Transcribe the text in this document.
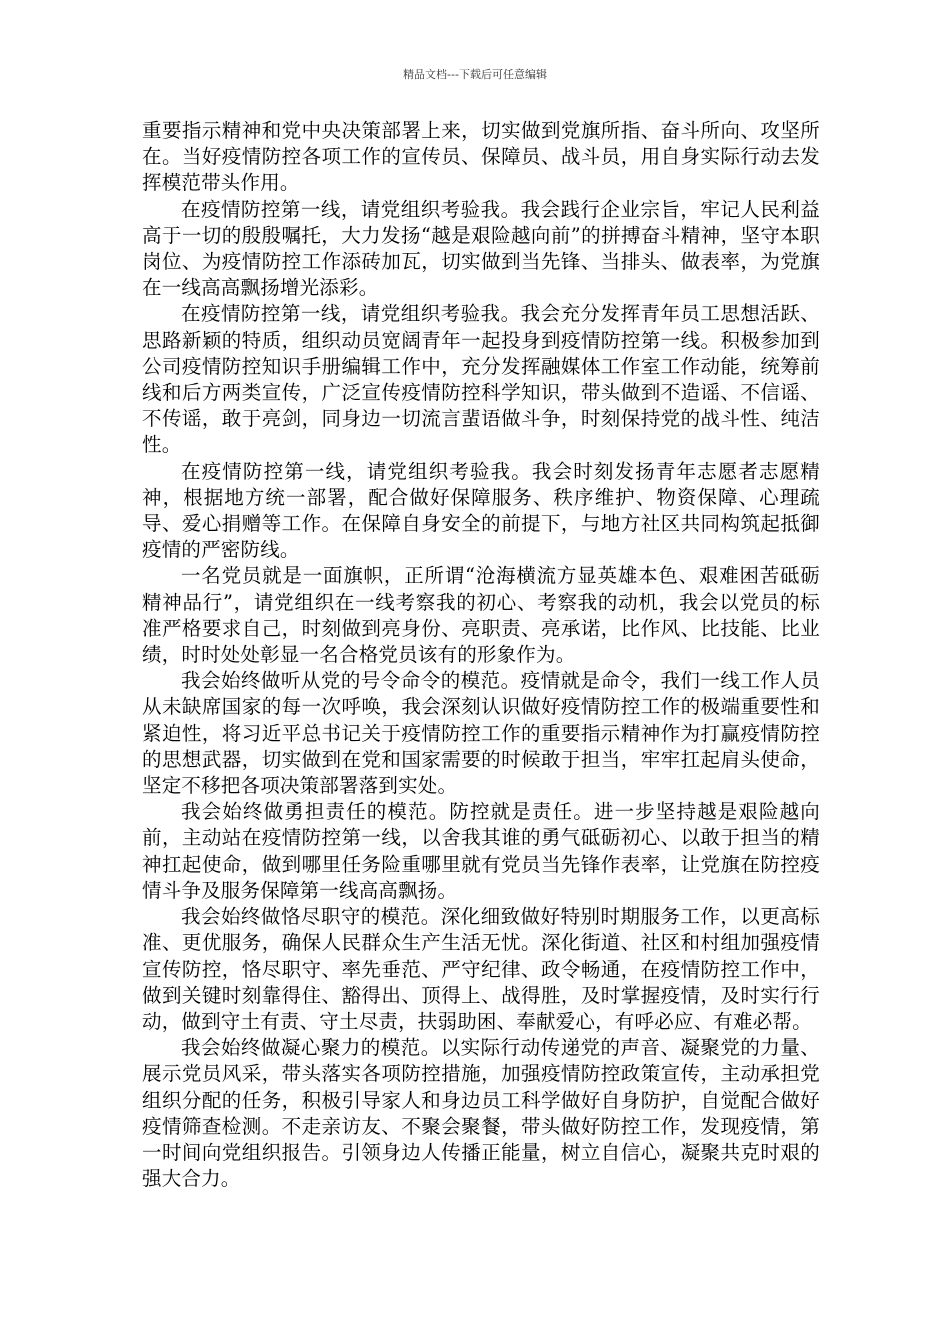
精品文档---下载后可任意编辑

重要指示精神和党中央决策部署上来，切实做到党旗所指、奋斗所向、攻坚所在。当好疫情防控各项工作的宣传员、保障员、战斗员，用自身实际行动去发挥模范带头作用。

在疫情防控第一线，请党组织考验我。我会践行企业宗旨，牢记人民利益高于一切的殷殷嘱托，大力发扬“越是艰险越向前”的拼搏奋斗精神，坚守本职岗位、为疫情防控工作添砖加瓦，切实做到当先锋、当排头、做表率，为党旗在一线高高飘扬增光添彩。

在疫情防控第一线，请党组织考验我。我会充分发挥青年员工思想活跃、思路新颖的特质，组织动员宽阔青年一起投身到疫情防控第一线。积极参加到公司疫情防控知识手册编辑工作中，充分发挥融媒体工作室工作动能，统筹前线和后方两类宣传，广泛宣传疫情防控科学知识，带头做到不造谣、不信谣、不传谣，敢于亮剑，同身边一切流言蜚语做斗争，时刻保持党的战斗性、纯洁性。

在疫情防控第一线，请党组织考验我。我会时刻发扬青年志愿者志愿精神，根据地方统一部署，配合做好保障服务、秩序维护、物资保障、心理疏导、爱心捐赠等工作。在保障自身安全的前提下，与地方社区共同构筑起抵御疫情的严密防线。

一名党员就是一面旗帜，正所谓“沧海横流方显英雄本色、艰难困苦砥砺精神品行”，请党组织在一线考察我的初心、考察我的动机，我会以党员的标准严格要求自己，时刻做到亮身份、亮职责、亮承诺，比作风、比技能、比业绩，时时处处彰显一名合格党员该有的形象作为。

我会始终做听从党的号令命令的模范。疫情就是命令，我们一线工作人员从未缺席国家的每一次呼唤，我会深刻认识做好疫情防控工作的极端重要性和紧迫性，将习近平总书记关于疫情防控工作的重要指示精神作为打赢疫情防控的思想武器，切实做到在党和国家需要的时候敢于担当，牢牢扛起肩头使命，坚定不移把各项决策部署落到实处。

我会始终做勇担责任的模范。防控就是责任。进一步坚持越是艰险越向前，主动站在疫情防控第一线，以舍我其谁的勇气砥砺初心、以敢于担当的精神扛起使命，做到哪里任务险重哪里就有党员当先锋作表率，让党旗在防控疫情斗争及服务保障第一线高高飘扬。

我会始终做恪尽职守的模范。深化细致做好特别时期服务工作，以更高标准、更优服务，确保人民群众生产生活无忧。深化街道、社区和村组加强疫情宣传防控，恪尽职守、率先垂范、严守纪律、政令畅通，在疫情防控工作中，做到关键时刻靠得住、豁得出、顶得上、战得胜，及时掌握疫情，及时实行行动，做到守土有责、守土尽责，扶弱助困、奉献爱心，有呼必应、有难必帮。

我会始终做凝心聚力的模范。以实际行动传递党的声音、凝聚党的力量、展示党员风采，带头落实各项防控措施，加强疫情防控政策宣传，主动承担党组织分配的任务，积极引导家人和身边员工科学做好自身防护，自觉配合做好疫情筛查检测。不走亲访友、不聚会聚餐，带头做好防控工作，发现疫情，第一时间向党组织报告。引领身边人传播正能量，树立自信心，凝聚共克时艰的强大合力。
